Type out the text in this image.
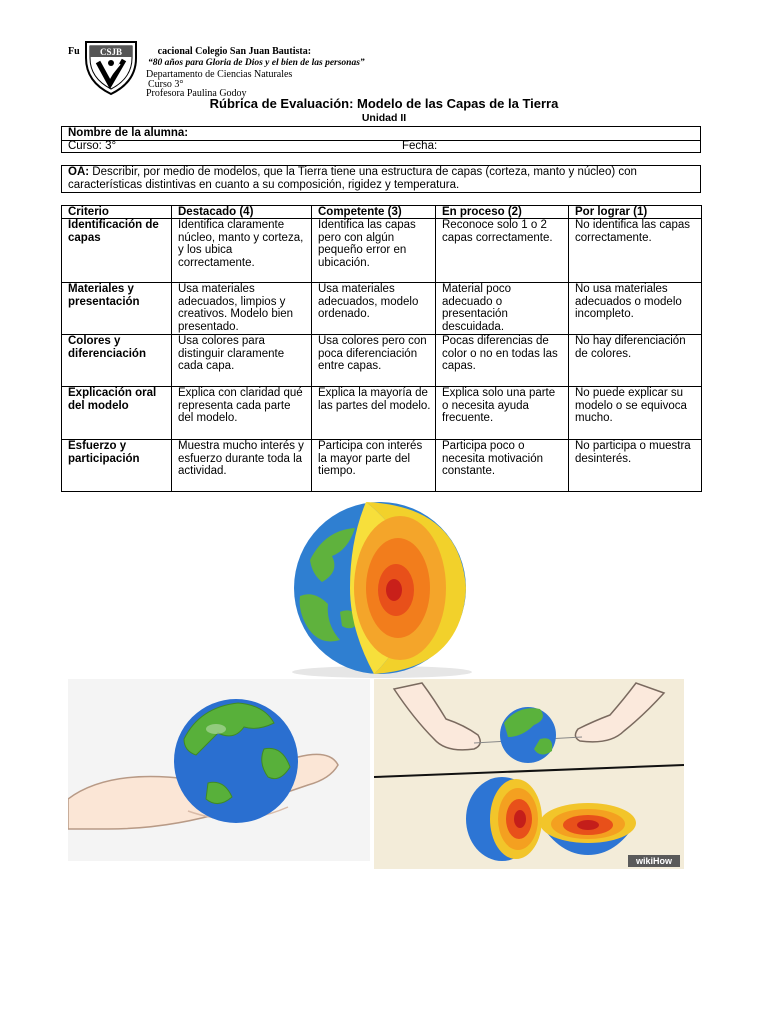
CSJB
Fu	cacional Colegio San Juan Bautista:
“80 años para Gloria de Dios y el bien de las personas”
Departamento de Ciencias Naturales
Curso 3°
Profesora Paulina Godoy
Rúbrica de Evaluación: Modelo de las Capas de la Tierra
Unidad II
Nombre de la alumna:
Curso: 3°	Fecha:
OA: Describir, por medio de modelos, que la Tierra tiene una estructura de capas (corteza, manto y núcleo) con características distintivas en cuanto a su composición, rigidez y temperatura.
Criterio	Destacado (4)	Competente (3)	En proceso (2)	Por lograr (1)
Identificación de capas	Identifica claramente núcleo, manto y corteza, y los ubica correctamente.	Identifica las capas pero con algún pequeño error en ubicación.	Reconoce solo 1 o 2 capas correctamente.	No identifica las capas correctamente.
Materiales y presentación	Usa materiales adecuados, limpios y creativos. Modelo bien presentado.	Usa materiales adecuados, modelo ordenado.	Material poco adecuado o presentación descuidada.	No usa materiales adecuados o modelo incompleto.
Colores y diferenciación	Usa colores para distinguir claramente cada capa.	Usa colores pero con poca diferenciación entre capas.	Pocas diferencias de color o no en todas las capas.	No hay diferenciación de colores.
Explicación oral del modelo	Explica con claridad qué representa cada parte del modelo.	Explica la mayoría de las partes del modelo.	Explica solo una parte o necesita ayuda frecuente.	No puede explicar su modelo o se equivoca mucho.
Esfuerzo y participación	Muestra mucho interés y esfuerzo durante toda la actividad.	Participa con interés la mayor parte del tiempo.	Participa poco o necesita motivación constante.	No participa o muestra desinterés.
wikiHow
